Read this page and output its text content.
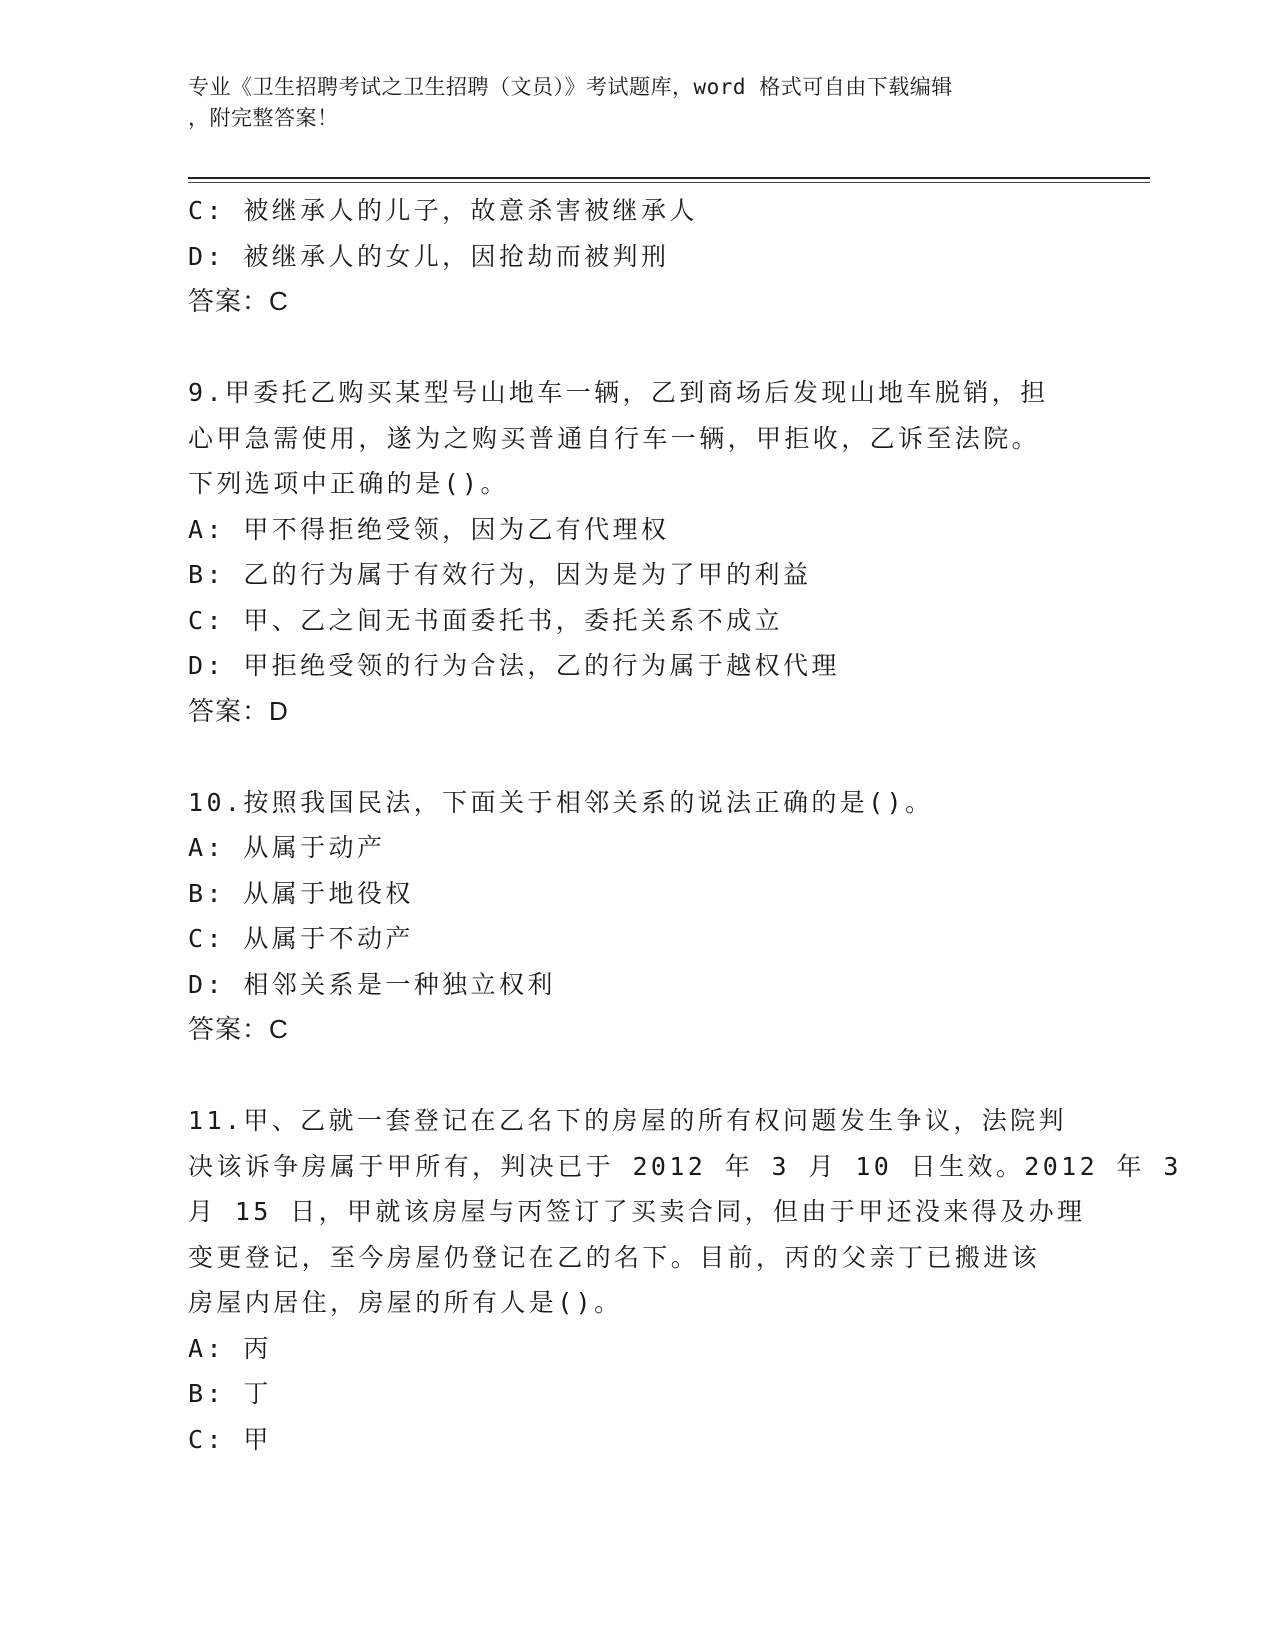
专业《卫生招聘考试之卫生招聘（文员）》考试题库，word 格式可自由下载编辑
，附完整答案！
C: 被继承人的儿子，故意杀害被继承人
D: 被继承人的女儿，因抢劫而被判刑
答案：C
9.甲委托乙购买某型号山地车一辆，乙到商场后发现山地车脱销，担
心甲急需使用，遂为之购买普通自行车一辆，甲拒收，乙诉至法院。
下列选项中正确的是()。
A: 甲不得拒绝受领，因为乙有代理权
B: 乙的行为属于有效行为，因为是为了甲的利益
C: 甲、乙之间无书面委托书，委托关系不成立
D: 甲拒绝受领的行为合法，乙的行为属于越权代理
答案：D
10.按照我国民法，下面关于相邻关系的说法正确的是()。
A: 从属于动产
B: 从属于地役权
C: 从属于不动产
D: 相邻关系是一种独立权利
答案：C
11.甲、乙就一套登记在乙名下的房屋的所有权问题发生争议，法院判
决该诉争房属于甲所有，判决已于 2012 年 3 月 10 日生效。2012 年 3
月 15 日，甲就该房屋与丙签订了买卖合同，但由于甲还没来得及办理
变更登记，至今房屋仍登记在乙的名下。目前，丙的父亲丁已搬进该
房屋内居住，房屋的所有人是()。
A: 丙
B: 丁
C: 甲
